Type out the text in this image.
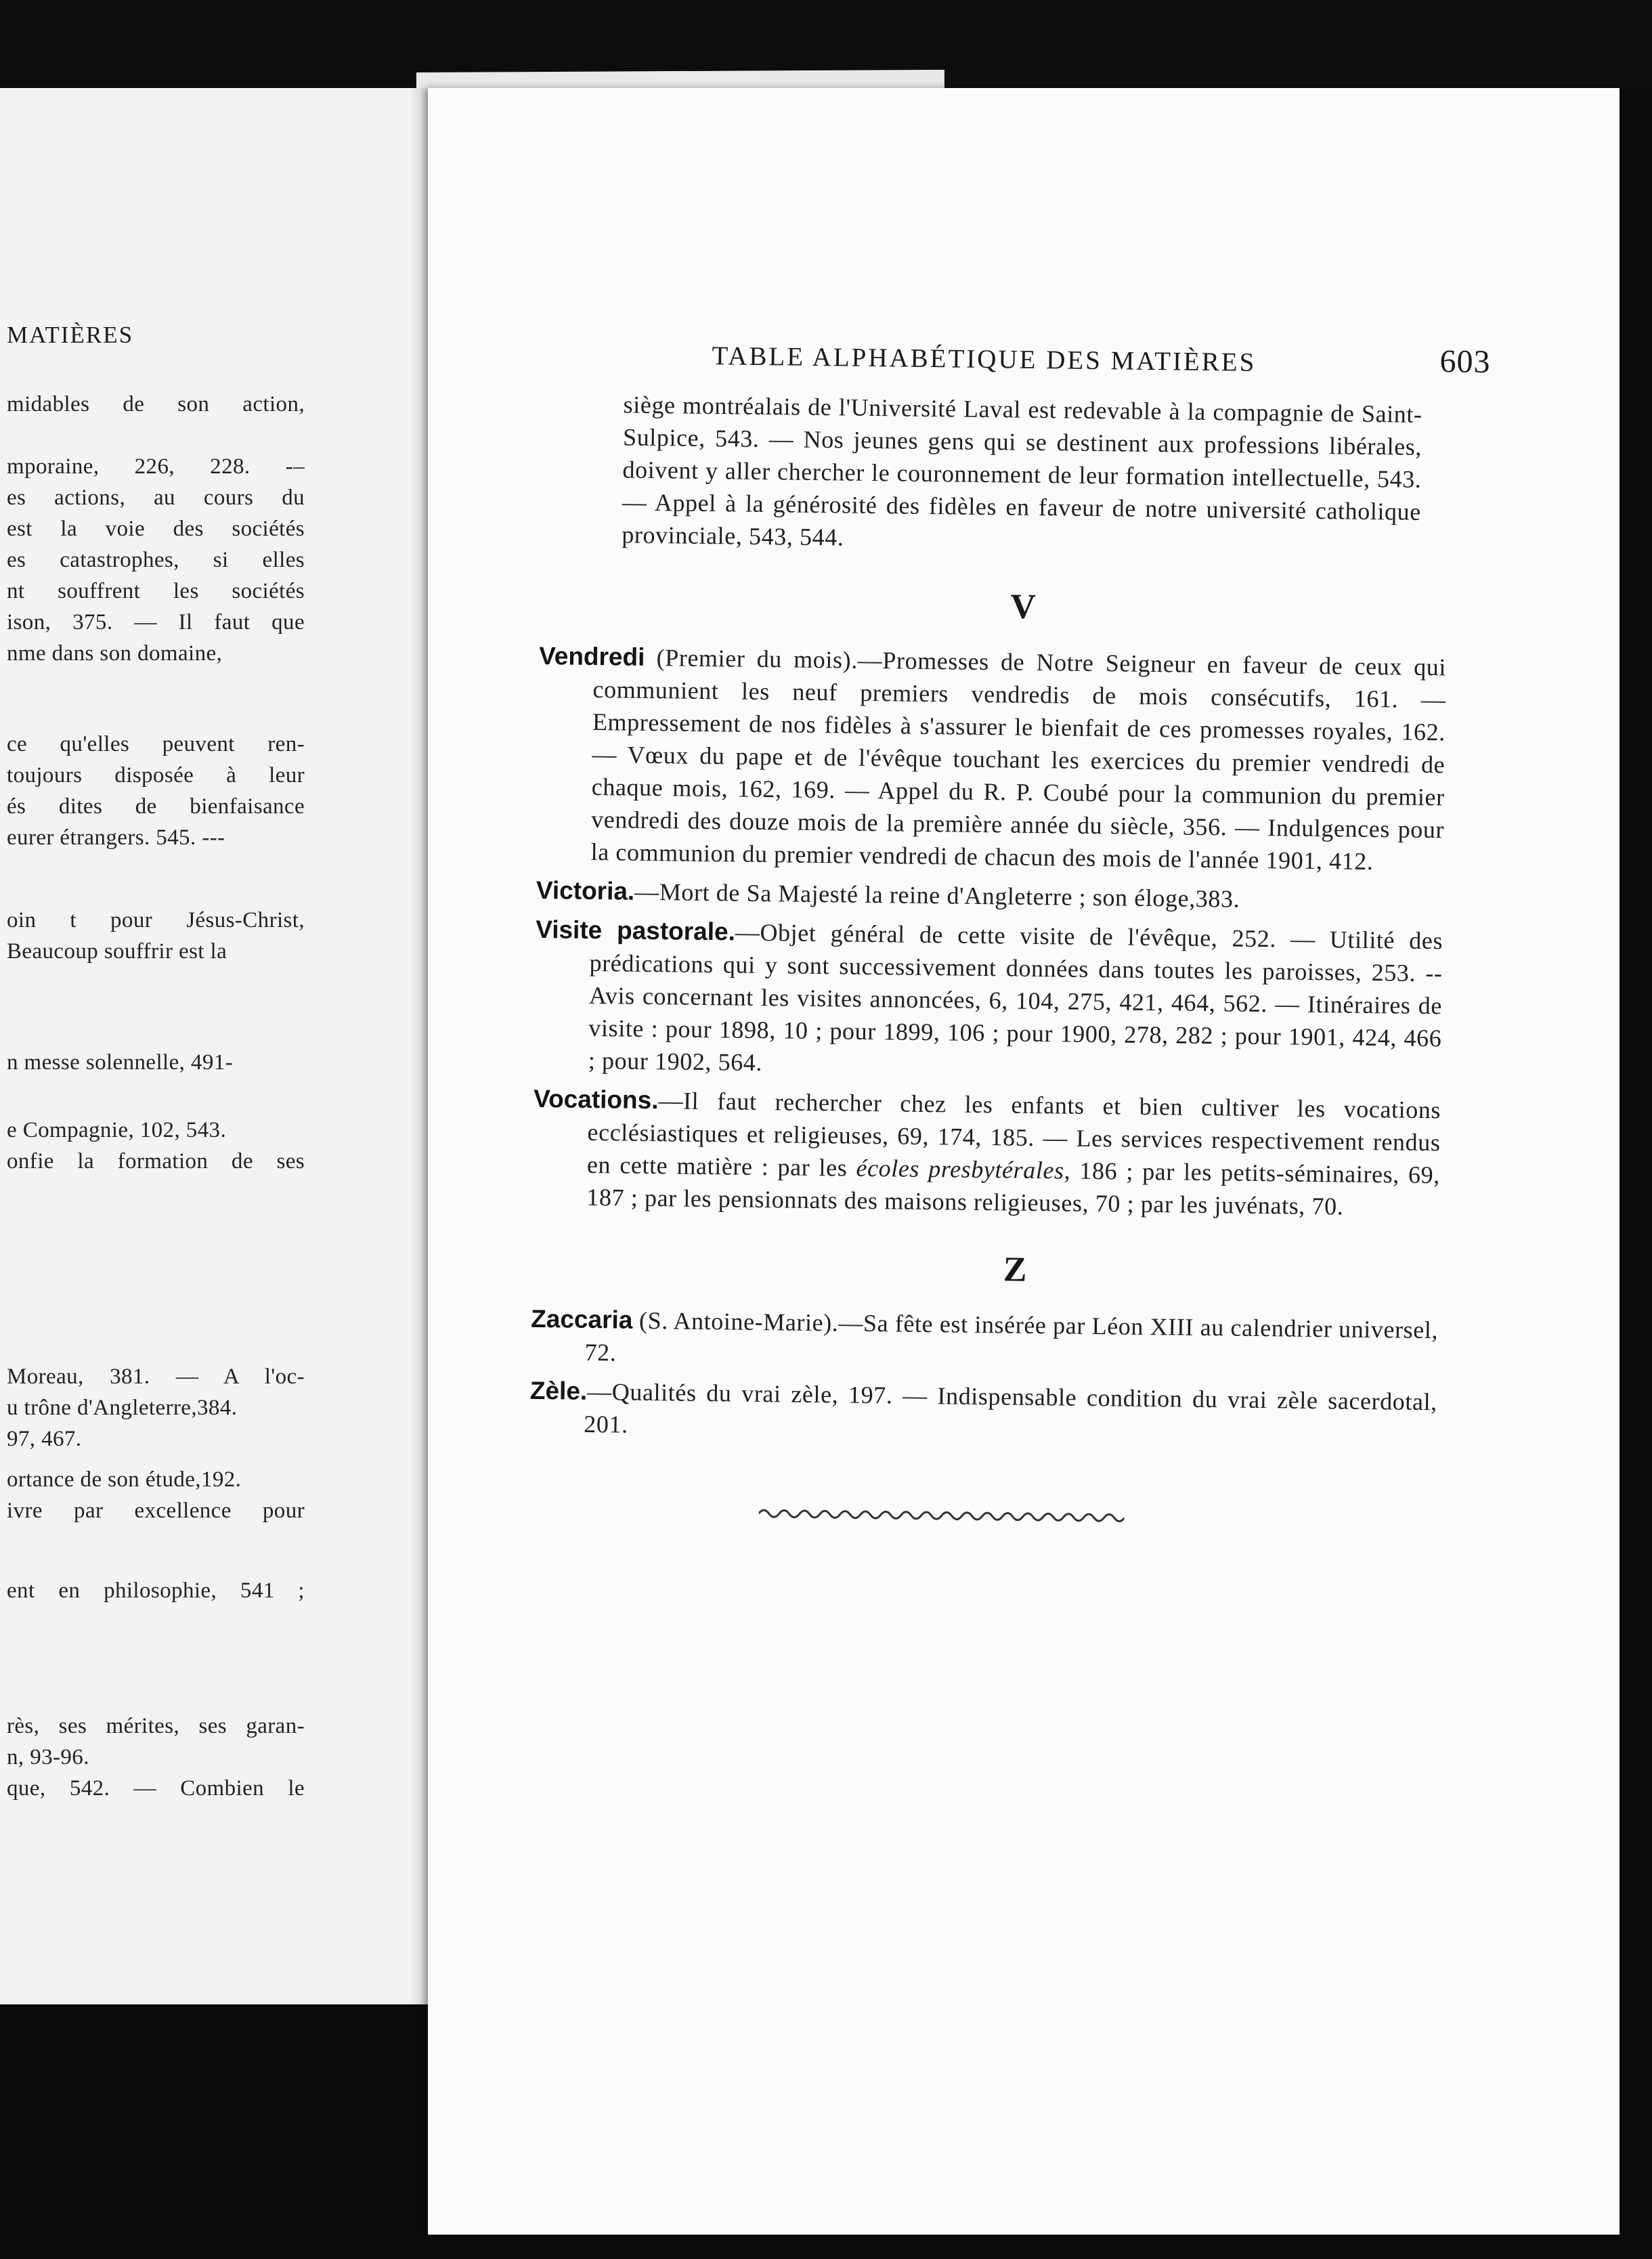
MATIÈRES
midables de son action,
mporaine, 226, 228. -–
es actions, au cours du
est la voie des sociétés
es catastrophes, si elles
nt souffrent les sociétés
ison, 375. — Il faut que
nme dans son domaine,
ce qu'elles peuvent ren-
toujours disposée à leur
és dites de bienfaisance
eurer étrangers. 545. ---
oin t pour Jésus-Christ,
Beaucoup souffrir est la
n messe solennelle, 491-
e Compagnie, 102, 543.
onfie la formation de ses
Moreau, 381. — A l'oc-
u trône d'Angleterre,384.
97, 467.
ortance de son étude,192.
ivre par excellence pour
ent en philosophie, 541 ;
rès, ses mérites, ses garan-
n, 93-96.
que, 542. — Combien le
TABLE ALPHABÉTIQUE DES MATIÈRES	603
siège montréalais de l'Université Laval est redevable à la compagnie de Saint-Sulpice, 543. — Nos jeunes gens qui se destinent aux professions libérales, doivent y aller chercher le couronnement de leur formation intellectuelle, 543. — Appel à la générosité des fidèles en faveur de notre université catholique provinciale, 543, 544.
V
Vendredi (Premier du mois).—Promesses de Notre Seigneur en faveur de ceux qui communient les neuf premiers vendredis de mois consécutifs, 161. — Empressement de nos fidèles à s'assurer le bienfait de ces promesses royales, 162. — Vœux du pape et de l'évêque touchant les exercices du premier vendredi de chaque mois, 162, 169. — Appel du R. P. Coubé pour la communion du premier vendredi des douze mois de la première année du siècle, 356. — Indulgences pour la communion du premier vendredi de chacun des mois de l'année 1901, 412.
Victoria.—Mort de Sa Majesté la reine d'Angleterre ; son éloge,383.
Visite pastorale.—Objet général de cette visite de l'évêque, 252. — Utilité des prédications qui y sont successivement données dans toutes les paroisses, 253. -- Avis concernant les visites annoncées, 6, 104, 275, 421, 464, 562. — Itinéraires de visite : pour 1898, 10 ; pour 1899, 106 ; pour 1900, 278, 282 ; pour 1901, 424, 466 ; pour 1902, 564.
Vocations.—Il faut rechercher chez les enfants et bien cultiver les vocations ecclésiastiques et religieuses, 69, 174, 185. — Les services respectivement rendus en cette matière : par les écoles presbytérales, 186 ; par les petits-séminaires, 69, 187 ; par les pensionnats des maisons religieuses, 70 ; par les juvénats, 70.
Z
Zaccaria (S. Antoine-Marie).—Sa fête est insérée par Léon XIII au calendrier universel, 72.
Zèle.—Qualités du vrai zèle, 197. — Indispensable condition du vrai zèle sacerdotal, 201.
